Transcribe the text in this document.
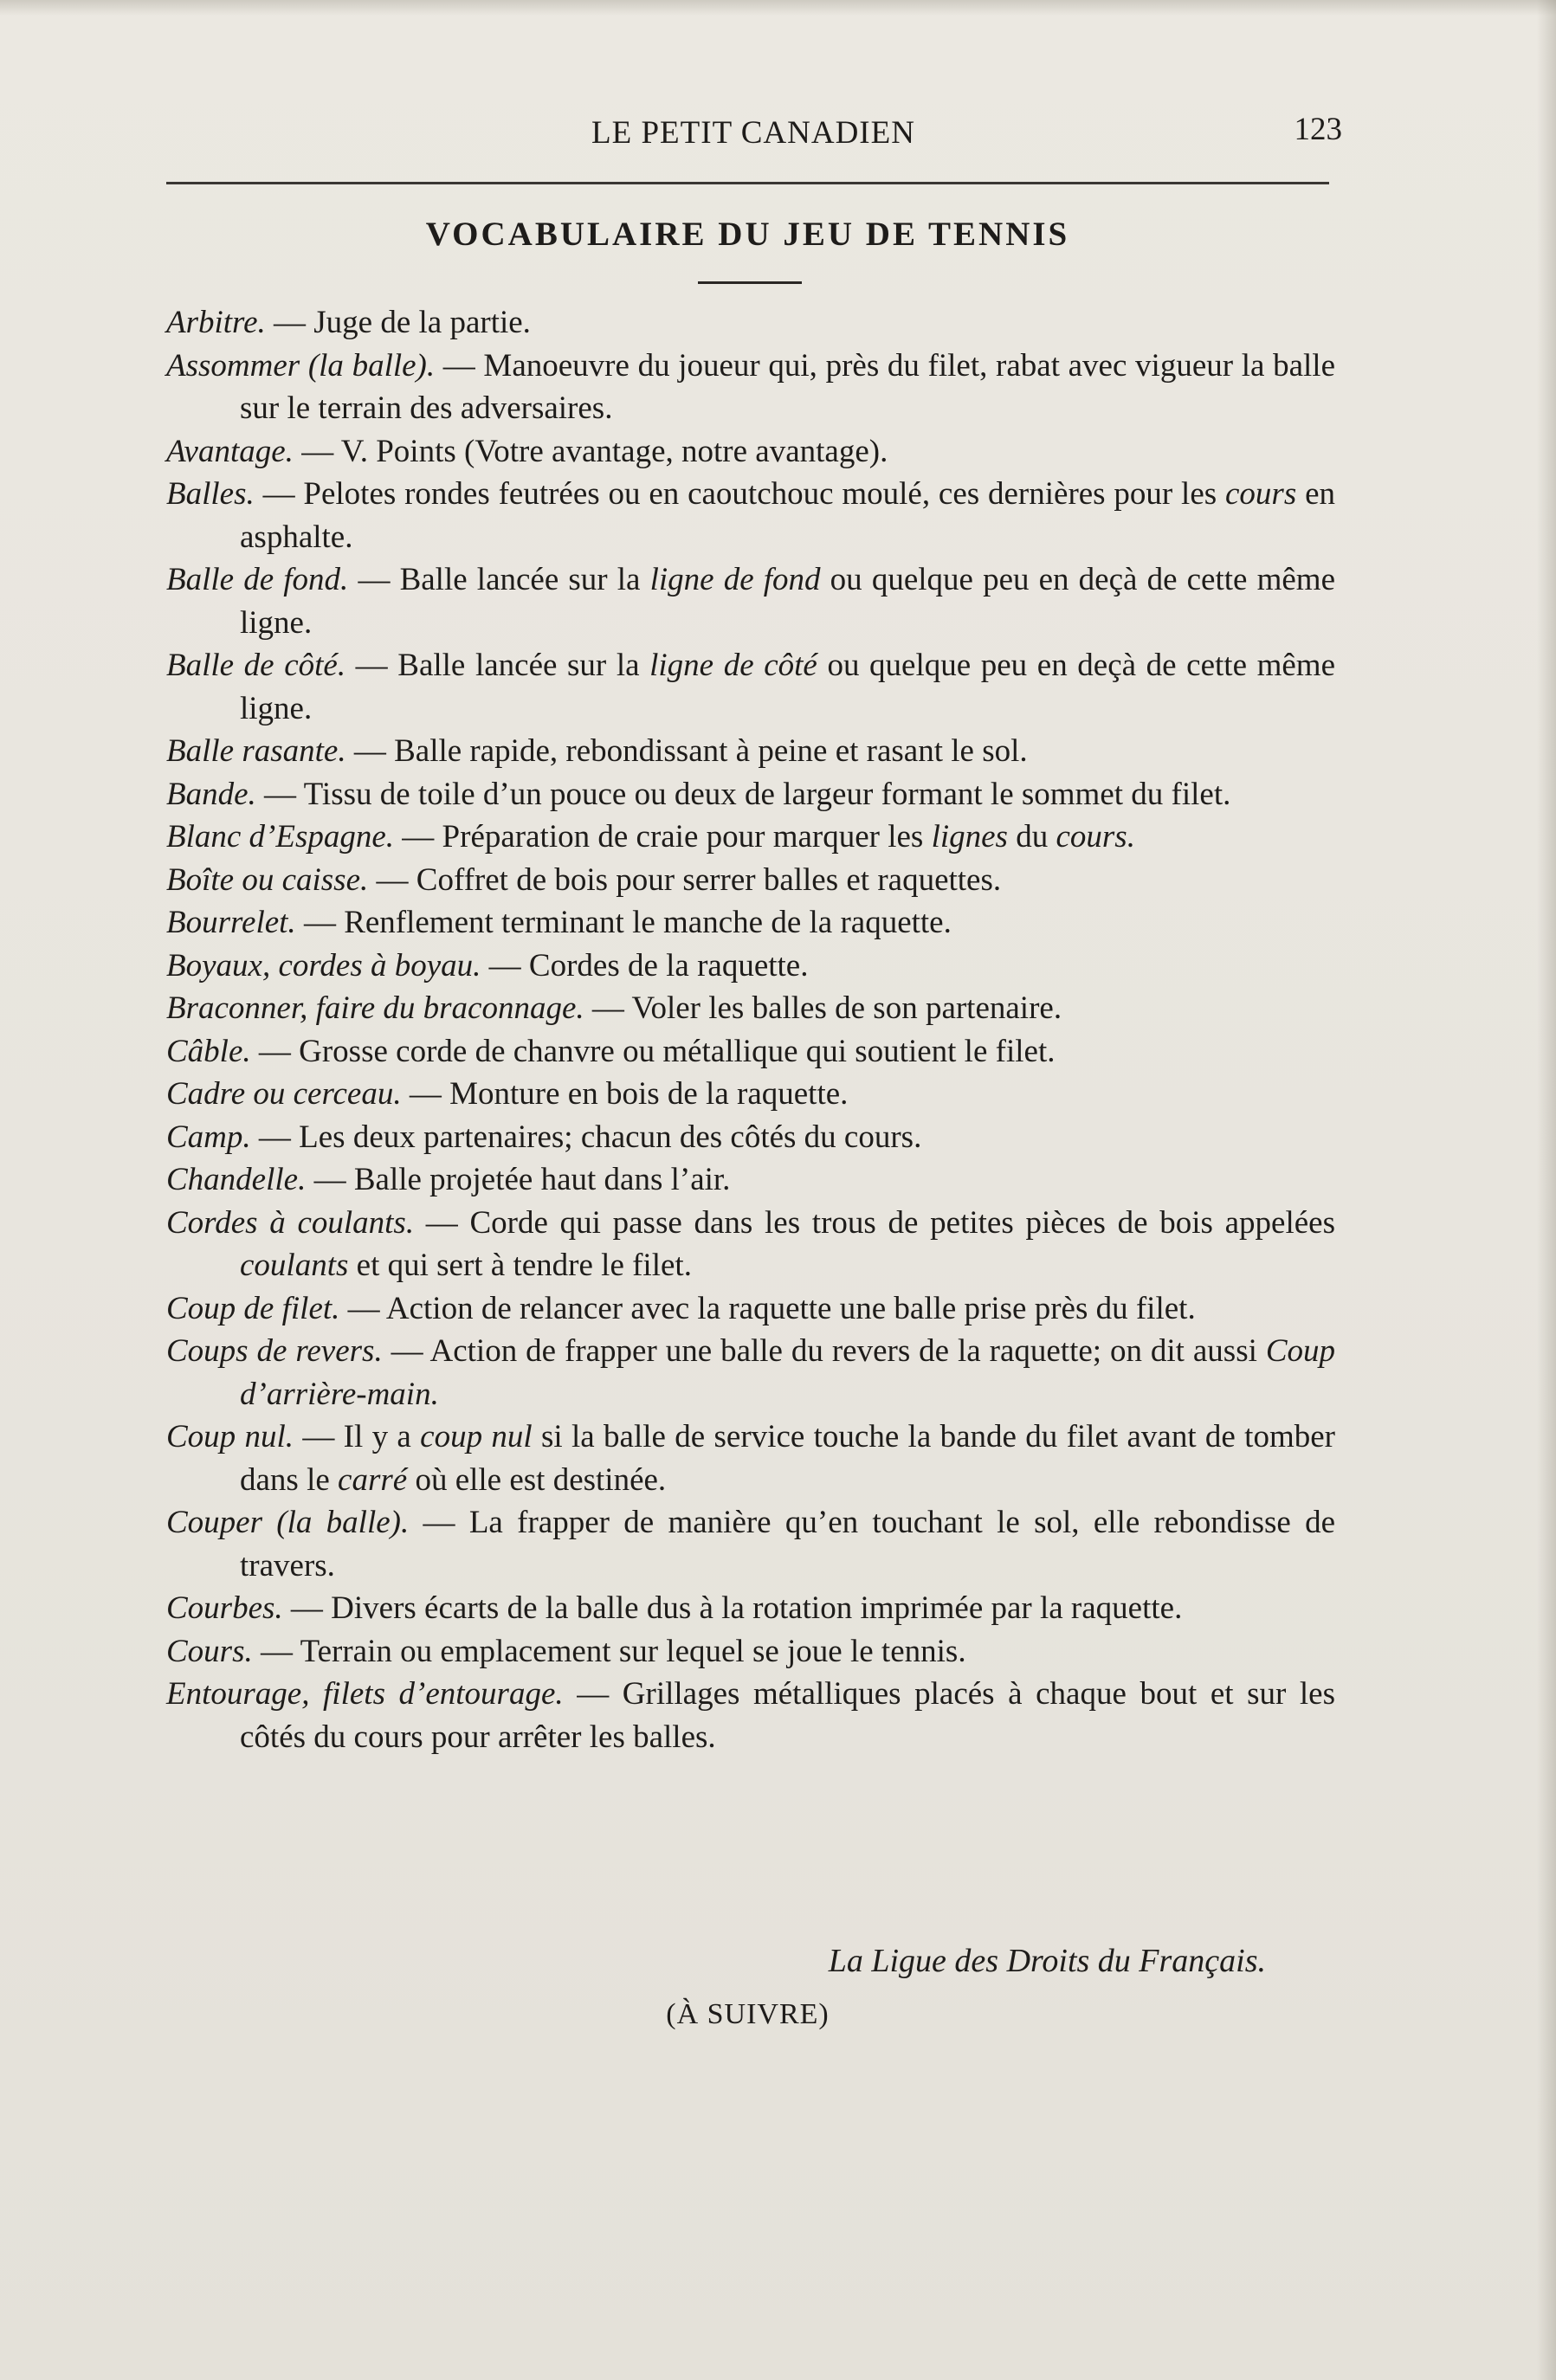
LE PETIT CANADIEN	123
VOCABULAIRE DU JEU DE TENNIS
Arbitre. — Juge de la partie.
Assommer (la balle). — Manoeuvre du joueur qui, près du filet, rabat avec vigueur la balle sur le terrain des adversaires.
Avantage. — V. Points (Votre avantage, notre avantage).
Balles. — Pelotes rondes feutrées ou en caoutchouc moulé, ces dernières pour les cours en asphalte.
Balle de fond. — Balle lancée sur la ligne de fond ou quelque peu en deçà de cette même ligne.
Balle de côté. — Balle lancée sur la ligne de côté ou quelque peu en deçà de cette même ligne.
Balle rasante. — Balle rapide, rebondissant à peine et rasant le sol.
Bande. — Tissu de toile d’un pouce ou deux de largeur formant le sommet du filet.
Blanc d’Espagne. — Préparation de craie pour marquer les lignes du cours.
Boîte ou caisse. — Coffret de bois pour serrer balles et raquettes.
Bourrelet. — Renflement terminant le manche de la raquette.
Boyaux, cordes à boyau. — Cordes de la raquette.
Braconner, faire du braconnage. — Voler les balles de son partenaire.
Câble. — Grosse corde de chanvre ou métallique qui soutient le filet.
Cadre ou cerceau. — Monture en bois de la raquette.
Camp. — Les deux partenaires; chacun des côtés du cours.
Chandelle. — Balle projetée haut dans l’air.
Cordes à coulants. — Corde qui passe dans les trous de petites pièces de bois appelées coulants et qui sert à tendre le filet.
Coup de filet. — Action de relancer avec la raquette une balle prise près du filet.
Coups de revers. — Action de frapper une balle du revers de la raquette; on dit aussi Coup d’arrière-main.
Coup nul. — Il y a coup nul si la balle de service touche la bande du filet avant de tomber dans le carré où elle est destinée.
Couper (la balle). — La frapper de manière qu’en touchant le sol, elle rebondisse de travers.
Courbes. — Divers écarts de la balle dus à la rotation imprimée par la raquette.
Cours. — Terrain ou emplacement sur lequel se joue le tennis.
Entourage, filets d’entourage. — Grillages métalliques placés à chaque bout et sur les côtés du cours pour arrêter les balles.
La Ligue des Droits du Français.
(À SUIVRE)
